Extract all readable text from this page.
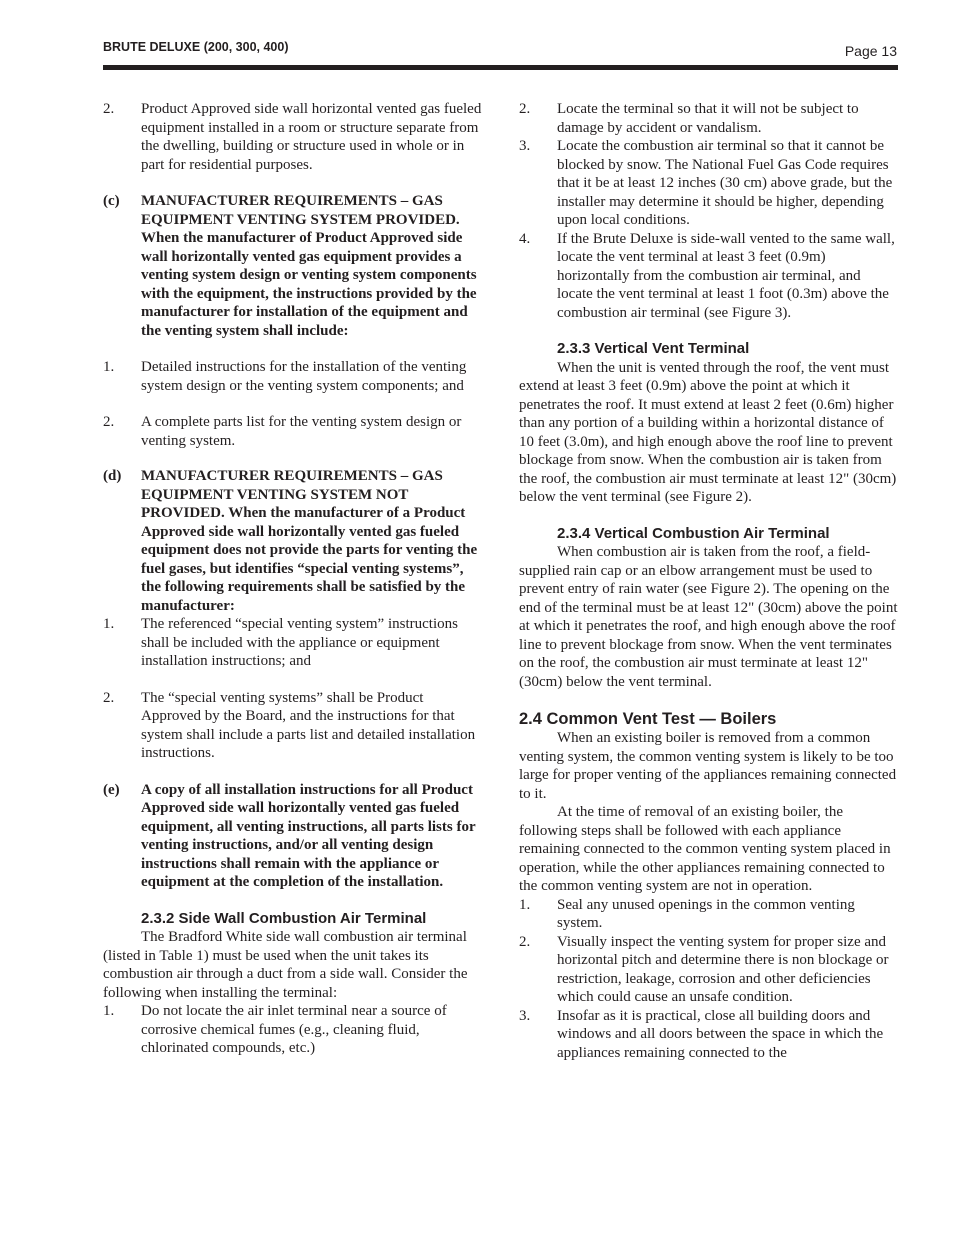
BRUTE DELUXE (200, 300, 400)	Page 13
2.	Product Approved side wall horizontal vented gas fueled equipment installed in a room or structure separate from the dwelling, building or structure used in whole or in part for residential purposes.
(c)	MANUFACTURER REQUIREMENTS – GAS EQUIPMENT VENTING SYSTEM PROVIDED. When the manufacturer of Product Approved side wall horizontally vented gas equipment provides a venting system design or venting system components with the equipment, the instructions provided by the manufacturer for installation of the equipment and the venting system shall include:
1.	Detailed instructions for the installation of the venting system design or the venting system components; and
2.	A complete parts list for the venting system design or venting system.
(d)	MANUFACTURER REQUIREMENTS – GAS EQUIPMENT VENTING SYSTEM NOT PROVIDED. When the manufacturer of a Product Approved side wall horizontally vented gas fueled equipment does not provide the parts for venting the fuel gases, but identifies “special venting systems”, the following requirements shall be satisfied by the manufacturer:
1.	The referenced “special venting system” instructions shall be included with the appliance or equipment installation instructions; and
2.	The “special venting systems” shall be Product Approved by the Board, and the instructions for that system shall include a parts list and detailed installation instructions.
(e)	A copy of all installation instructions for all Product Approved side wall horizontally vented gas fueled equipment, all venting instructions, all parts lists for venting instructions, and/or all venting design instructions shall remain with the appliance or equipment at the completion of the installation.
2.3.2 Side Wall Combustion Air Terminal
The Bradford White side wall combustion air terminal (listed in Table 1) must be used when the unit takes its combustion air through a duct from a side wall. Consider the following when installing the terminal:
1.	Do not locate the air inlet terminal near a source of corrosive chemical fumes (e.g., cleaning fluid, chlorinated compounds, etc.)
2.	Locate the terminal so that it will not be subject to damage by accident or vandalism.
3.	Locate the combustion air terminal so that it cannot be blocked by snow. The National Fuel Gas Code requires that it be at least 12 inches (30 cm) above grade, but the installer may determine it should be higher, depending upon local conditions.
4.	If the Brute Deluxe is side-wall vented to the same wall, locate the vent terminal at least 3 feet (0.9m) horizontally from the combustion air terminal, and locate the vent terminal at least 1 foot (0.3m) above the combustion air terminal (see Figure 3).
2.3.3 Vertical Vent Terminal
When the unit is vented through the roof, the vent must extend at least 3 feet (0.9m) above the point at which it penetrates the roof. It must extend at least 2 feet (0.6m) higher than any portion of a building within a horizontal distance of 10 feet (3.0m), and high enough above the roof line to prevent blockage from snow. When the combustion air is taken from the roof, the combustion air must terminate at least 12" (30cm) below the vent terminal (see Figure 2).
2.3.4 Vertical Combustion Air Terminal
When combustion air is taken from the roof, a field-supplied rain cap or an elbow arrangement must be used to prevent entry of rain water (see Figure 2). The opening on the end of the terminal must be at least 12" (30cm) above the point at which it penetrates the roof, and high enough above the roof line to prevent blockage from snow. When the vent terminates on the roof, the combustion air must terminate at least 12" (30cm) below the vent terminal.
2.4 Common Vent Test — Boilers
When an existing boiler is removed from a common venting system, the common venting system is likely to be too large for proper venting of the appliances remaining connected to it.
At the time of removal of an existing boiler, the following steps shall be followed with each appliance remaining connected to the common venting system placed in operation, while the other appliances remaining connected to the common venting system are not in operation.
1.	Seal any unused openings in the common venting system.
2.	Visually inspect the venting system for proper size and horizontal pitch and determine there is non blockage or restriction, leakage, corrosion and other deficiencies which could cause an unsafe condition.
3.	Insofar as it is practical, close all building doors and windows and all doors between the space in which the appliances remaining connected to the
